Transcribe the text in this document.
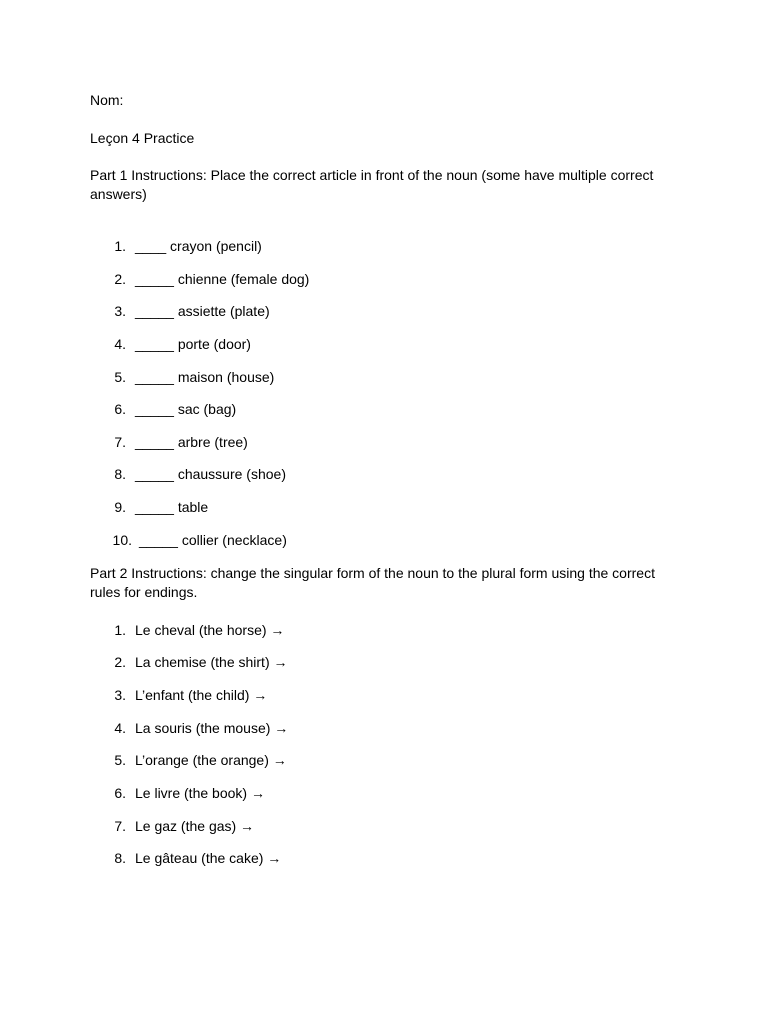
Nom:

Leçon 4 Practice

Part 1 Instructions: Place the correct article in front of the noun (some have multiple correct answers)

1. ____ crayon (pencil)
2. _____ chienne (female dog)
3. _____ assiette (plate)
4. _____ porte (door)
5. _____ maison (house)
6. _____ sac (bag)
7. _____ arbre (tree)
8. _____ chaussure (shoe)
9. _____ table
10. _____ collier (necklace)

Part 2 Instructions: change the singular form of the noun to the plural form using the correct rules for endings.

1. Le cheval (the horse) →
2. La chemise (the shirt) →
3. L’enfant (the child) →
4. La souris (the mouse) →
5. L’orange (the orange) →
6. Le livre (the book) →
7. Le gaz (the gas) →
8. Le gâteau (the cake) →
